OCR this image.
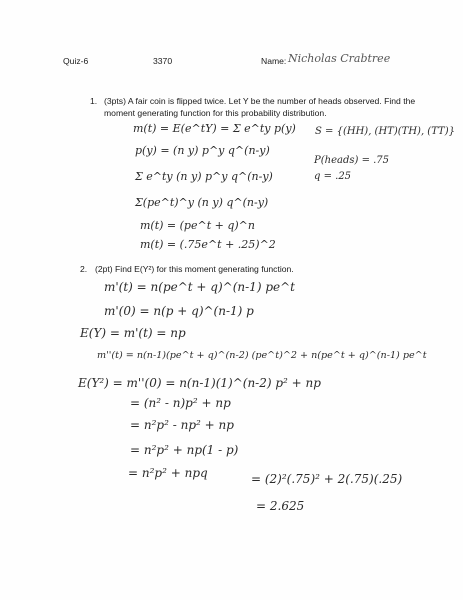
Quiz-6	3370	Name: Nicholas Crabtree
1. (3pts) A fair coin is flipped twice. Let Y be the number of heads observed. Find the
moment generating function for this probability distribution.
m(t) = E(e^tY) = Σ e^ty p(y)
p(y) = (n y) p^y q^(n-y)
Σ e^ty (n y) p^y q^(n-y)
Σ(pe^t)^y (n y) q^(n-y)
m(t) = (pe^t + q)^n
m(t) = (.75e^t + .25)^2
S = {(HH), (HT)(TH), (TT)}
P(heads) = .75
q = .25
2. (2pt) Find E(Y²) for this moment generating function.
m'(t) = n(pe^t + q)^(n-1) pe^t
m'(0) = n(p + q)^(n-1) p
E(Y) = m'(t) = np
m''(t) = n(n-1)(pe^t + q)^(n-2) (pe^t)^2 + n(pe^t + q)^(n-1) pe^t
E(Y²) = m''(0) = n(n-1)(1)^(n-2) p² + np
= (n² - n)p² + np
= n²p² - np² + np
= n²p² + np(1 - p)
= n²p² + npq	= (2)²(.75)² + 2(.75)(.25)
= 2.625
